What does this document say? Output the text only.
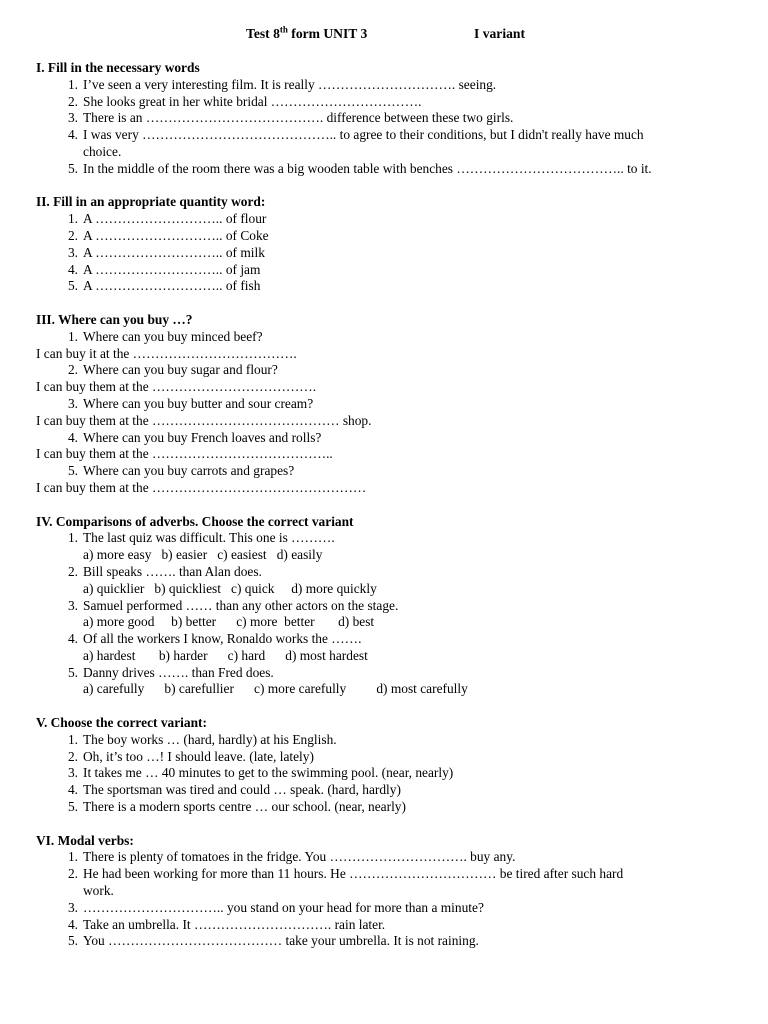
Test 8th form UNIT 3	I variant
I. Fill in the necessary words
1. I’ve seen a very interesting film. It is really …………………………. seeing.
2. She looks great in her white bridal …………………………….
3. There is an …………………………………. difference between these two girls.
4. I was very …………………………………….. to agree to their conditions, but I didn't really have much
choice.
5. In the middle of the room there was a big wooden table with benches ……………………………….. to it.
II. Fill in an appropriate quantity word:
1. A ……………………….. of flour
2. A ……………………….. of Coke
3. A ……………………….. of milk
4. A ……………………….. of jam
5. A ……………………….. of fish
III. Where can you buy …?
1. Where can you buy minced beef?
I can buy it at the ……………………………….
2. Where can you buy sugar and flour?
I can buy them at the ……………………………….
3. Where can you buy butter and sour cream?
I can buy them at the …………………………………… shop.
4. Where can you buy French loaves and rolls?
I can buy them at the …………………………………..
5. Where can you buy carrots and grapes?
I can buy them at the …………………………………………
IV. Comparisons of adverbs. Choose the correct variant
1. The last quiz was difficult. This one is ……….
a) more easy   b) easier   c) easiest   d) easily
2. Bill speaks ……. than Alan does.
a) quicklier   b) quickliest   c) quick     d) more quickly
3. Samuel performed …… than any other actors on the stage.
a) more good     b) better      c) more  better       d) best
4. Of all the workers I know, Ronaldo works the …….
a) hardest       b) harder      c) hard      d) most hardest
5. Danny drives ……. than Fred does.
a) carefully      b) carefullier      c) more carefully         d) most carefully
V. Choose the correct variant:
1. The boy works … (hard, hardly) at his English.
2. Oh, it’s too …! I should leave. (late, lately)
3. It takes me … 40 minutes to get to the swimming pool. (near, nearly)
4. The sportsman was tired and could … speak. (hard, hardly)
5. There is a modern sports centre … our school. (near, nearly)
VI. Modal verbs:
1. There is plenty of tomatoes in the fridge. You …………………………. buy any.
2. He had been working for more than 11 hours. He …………………………… be tired after such hard
work.
3. ………………………….. you stand on your head for more than a minute?
4. Take an umbrella. It …………………………. rain later.
5. You ………………………………… take your umbrella. It is not raining.
